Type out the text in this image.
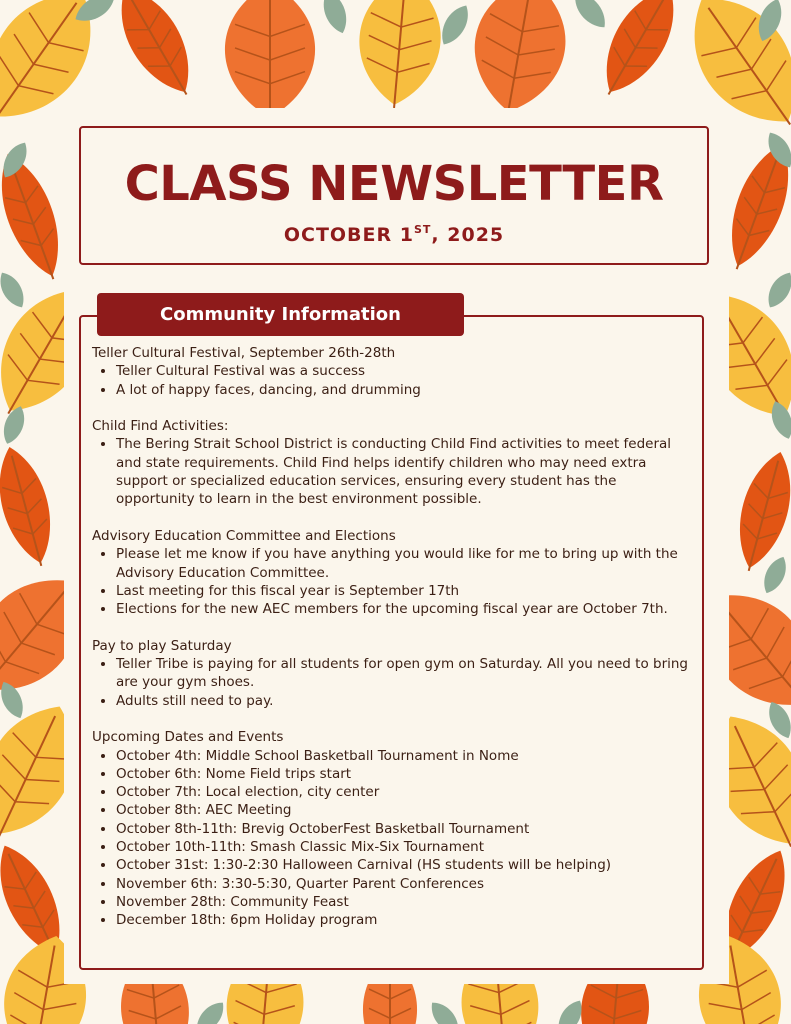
CLASS NEWSLETTER
OCTOBER 1ST, 2025
Community Information

Teller Cultural Festival, September 26th-28th

• Teller Cultural Festival was a success
• A lot of happy faces, dancing, and drumming

Child Find Activities:

• The Bering Strait School District is conducting Child Find activities to meet federal and state requirements. Child Find helps identify children who may need extra support or specialized education services, ensuring every student has the opportunity to learn in the best environment possible.

Advisory Education Committee and Elections

• Please let me know if you have anything you would like for me to bring up with the Advisory Education Committee.
• Last meeting for this fiscal year is September 17th
• Elections for the new AEC members for the upcoming fiscal year are October 7th.

Pay to play Saturday

• Teller Tribe is paying for all students for open gym on Saturday. All you need to bring are your gym shoes.
• Adults still need to pay.

Upcoming Dates and Events

• October 4th: Middle School Basketball Tournament in Nome
• October 6th: Nome Field trips start
• October 7th: Local election, city center
• October 8th: AEC Meeting
• October 8th-11th: Brevig OctoberFest Basketball Tournament
• October 10th-11th: Smash Classic Mix-Six Tournament
• October 31st: 1:30-2:30 Halloween Carnival (HS students will be helping)
• November 6th: 3:30-5:30, Quarter Parent Conferences
• November 28th: Community Feast
• December 18th: 6pm Holiday program
